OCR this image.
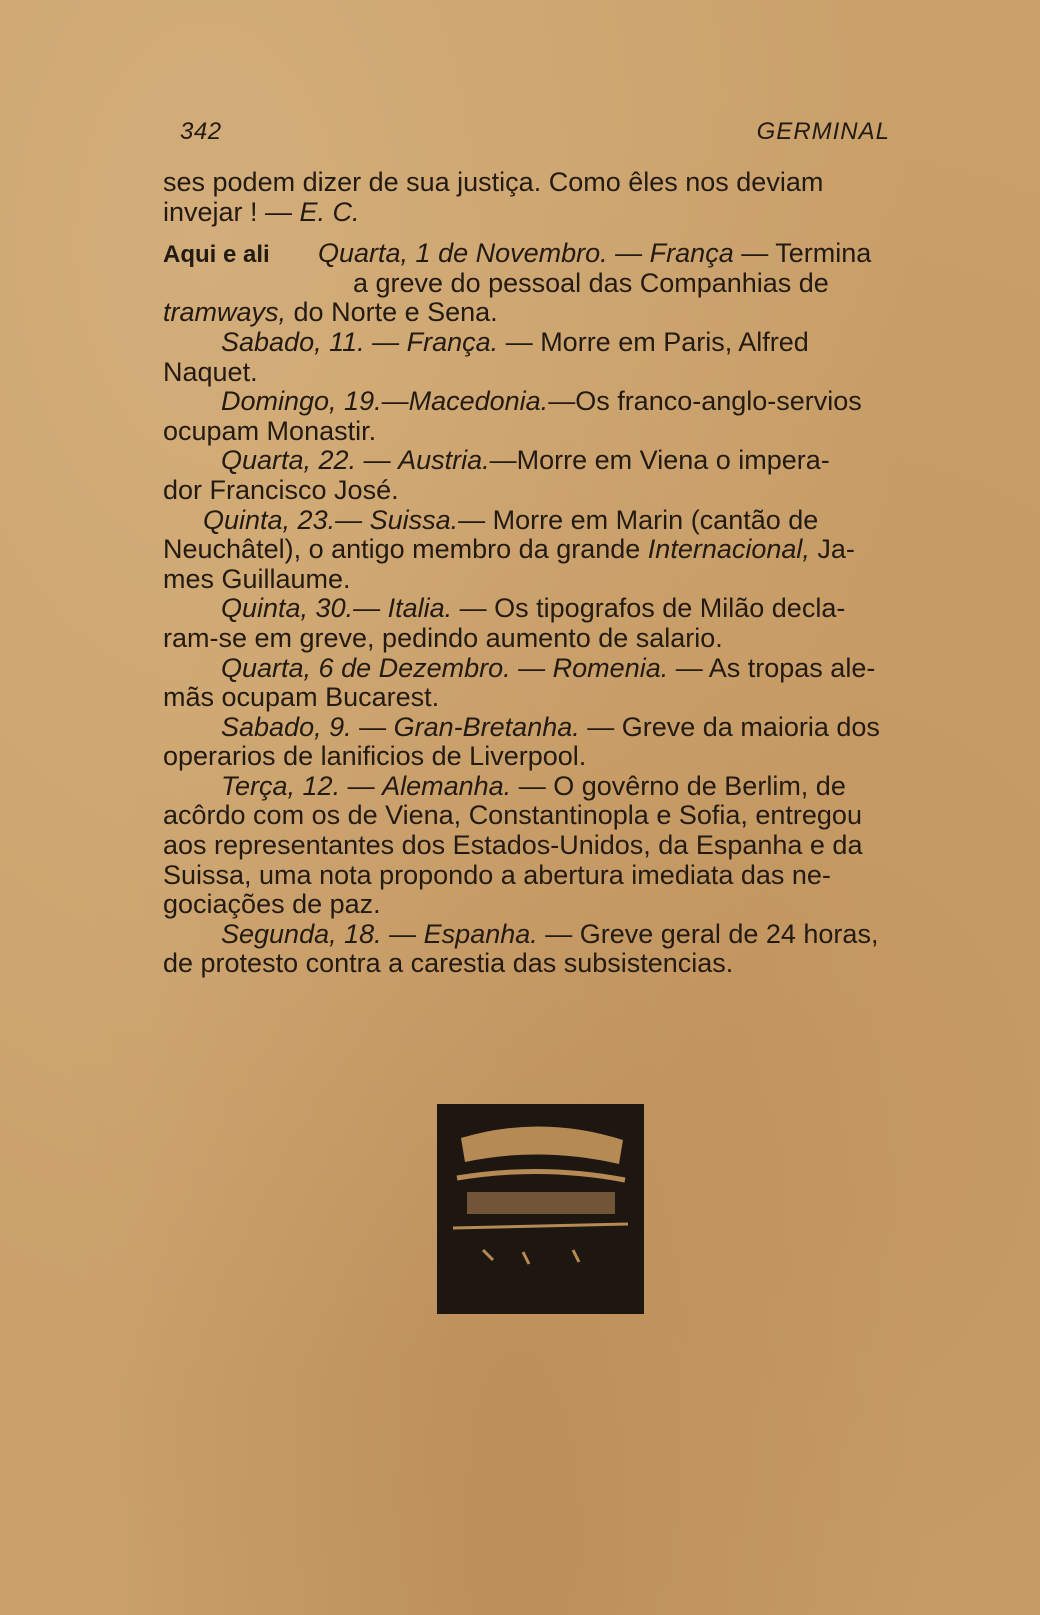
342	GERMINAL
ses podem dizer de sua justiça. Como êles nos deviam
invejar ! — E. C.
Aqui e ali Quarta, 1 de Novembro. — França — Termina
a greve do pessoal das Companhias de
tramways, do Norte e Sena.
Sabado, 11. — França. — Morre em Paris, Alfred
Naquet.
Domingo, 19.—Macedonia.—Os franco-anglo-servios
ocupam Monastir.
Quarta, 22. — Austria.—Morre em Viena o impera-
dor Francisco José.
Quinta, 23.— Suissa.— Morre em Marin (cantão de
Neuchâtel), o antigo membro da grande Internacional, Ja-
mes Guillaume.
Quinta, 30.— Italia. — Os tipografos de Milão decla-
ram-se em greve, pedindo aumento de salario.
Quarta, 6 de Dezembro. — Romenia. — As tropas ale-
mãs ocupam Bucarest.
Sabado, 9. — Gran-Bretanha. — Greve da maioria dos
operarios de lanificios de Liverpool.
Terça, 12. — Alemanha. — O govêrno de Berlim, de
acôrdo com os de Viena, Constantinopla e Sofia, entregou
aos representantes dos Estados-Unidos, da Espanha e da
Suissa, uma nota propondo a abertura imediata das ne-
gociações de paz.
Segunda, 18. — Espanha. — Greve geral de 24 horas,
de protesto contra a carestia das subsistencias.
